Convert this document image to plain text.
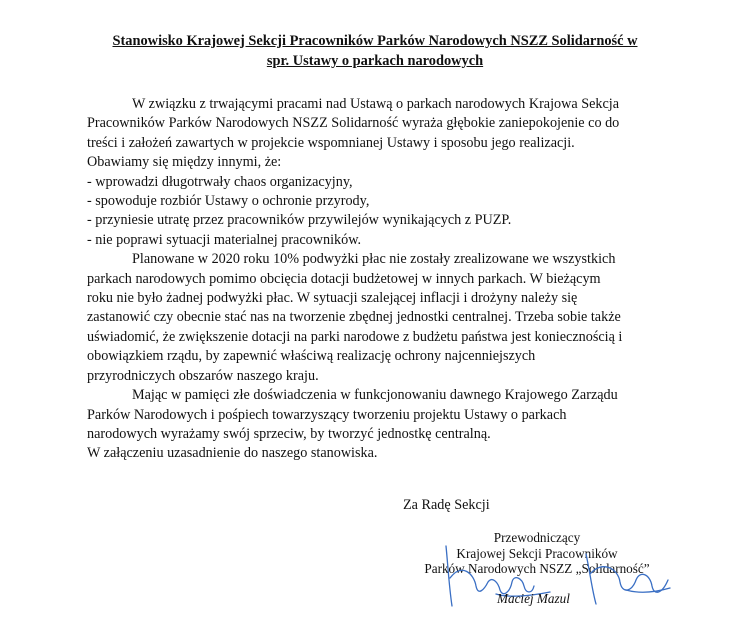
Stanowisko Krajowej Sekcji Pracowników Parków Narodowych NSZZ Solidarność w
spr. Ustawy o parkach narodowych

W związku z trwającymi pracami nad Ustawą o parkach narodowych Krajowa Sekcja
Pracowników Parków Narodowych NSZZ Solidarność wyraża głębokie zaniepokojenie co do
treści i założeń zawartych w projekcie wspomnianej Ustawy i sposobu jego realizacji.
Obawiamy się między innymi, że:

- wprowadzi długotrwały chaos organizacyjny,
- spowoduje rozbiór Ustawy o ochronie przyrody,
- przyniesie utratę przez pracowników przywilejów wynikających z PUZP.
- nie poprawi sytuacji materialnej pracowników.

Planowane w 2020 roku 10% podwyżki płac nie zostały zrealizowane we wszystkich
parkach narodowych pomimo obcięcia dotacji budżetowej w innych parkach. W bieżącym
roku nie było żadnej podwyżki płac. W sytuacji szalejącej inflacji i drożyny należy się
zastanowić czy obecnie stać nas na tworzenie zbędnej jednostki centralnej. Trzeba sobie także
uświadomić, że zwiększenie dotacji na parki narodowe z budżetu państwa jest koniecznością i
obowiązkiem rządu, by zapewnić właściwą realizację ochrony najcenniejszych
przyrodniczych obszarów naszego kraju.

Mając w pamięci złe doświadczenia w funkcjonowaniu dawnego Krajowego Zarządu
Parków Narodowych i pośpiech towarzyszący tworzeniu projektu Ustawy o parkach
narodowych wyrażamy swój sprzeciw, by tworzyć jednostkę centralną.
W załączeniu uzasadnienie do naszego stanowiska.

Za Radę Sekcji
Przewodniczący
Krajowej Sekcji Pracowników
Parków Narodowych NSZZ „Solidarność”
Maciej Mazul
